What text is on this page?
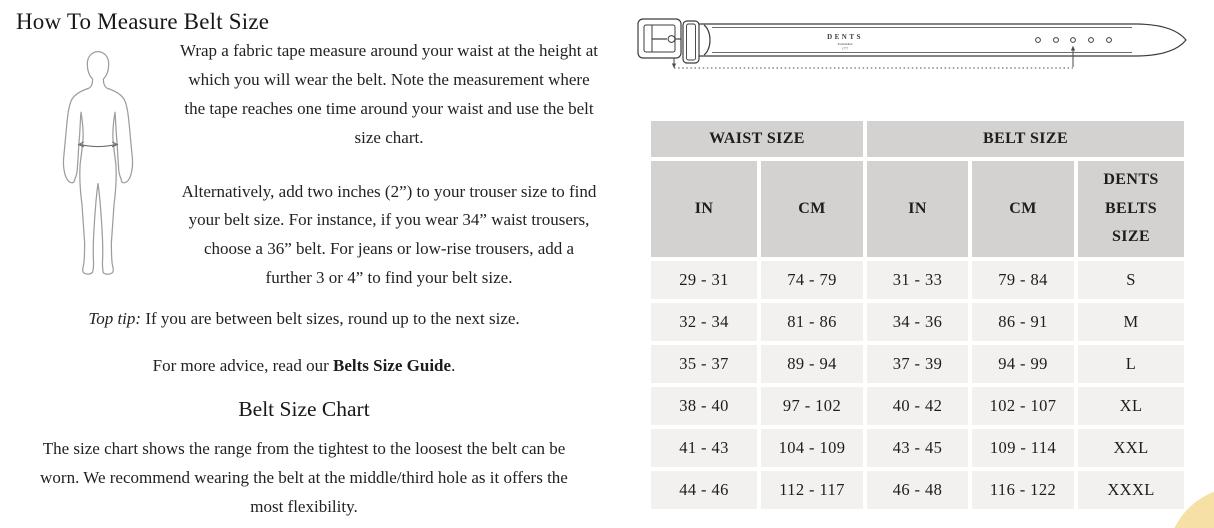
How To Measure Belt Size

Wrap a fabric tape measure around your waist at the height at which you will wear the belt. Note the measurement where the tape reaches one time around your waist and use the belt size chart.

Alternatively, add two inches (2”) to your trouser size to find your belt size. For instance, if you wear 34” waist trousers, choose a 36” belt. For jeans or low-rise trousers, add a further 3 or 4” to find your belt size.

Top tip: If you are between belt sizes, round up to the next size.
For more advice, read our Belts Size Guide.
Belt Size Chart

The size chart shows the range from the tightest to the loosest the belt can be worn. We recommend wearing the belt at the middle/third hole as it offers the most flexibility.

DENTS
Established
1777
WAIST SIZE		BELT SIZE		
IN	CM	IN	CM	DENTS BELTS SIZE
29 - 31	74 - 79	31 - 33	79 - 84	S
32 - 34	81 - 86	34 - 36	86 - 91	M
35 - 37	89 - 94	37 - 39	94 - 99	L
38 - 40	97 - 102	40 - 42	102 - 107	XL
41 - 43	104 - 109	43 - 45	109 - 114	XXL
44 - 46	112 - 117	46 - 48	116 - 122	XXXL
